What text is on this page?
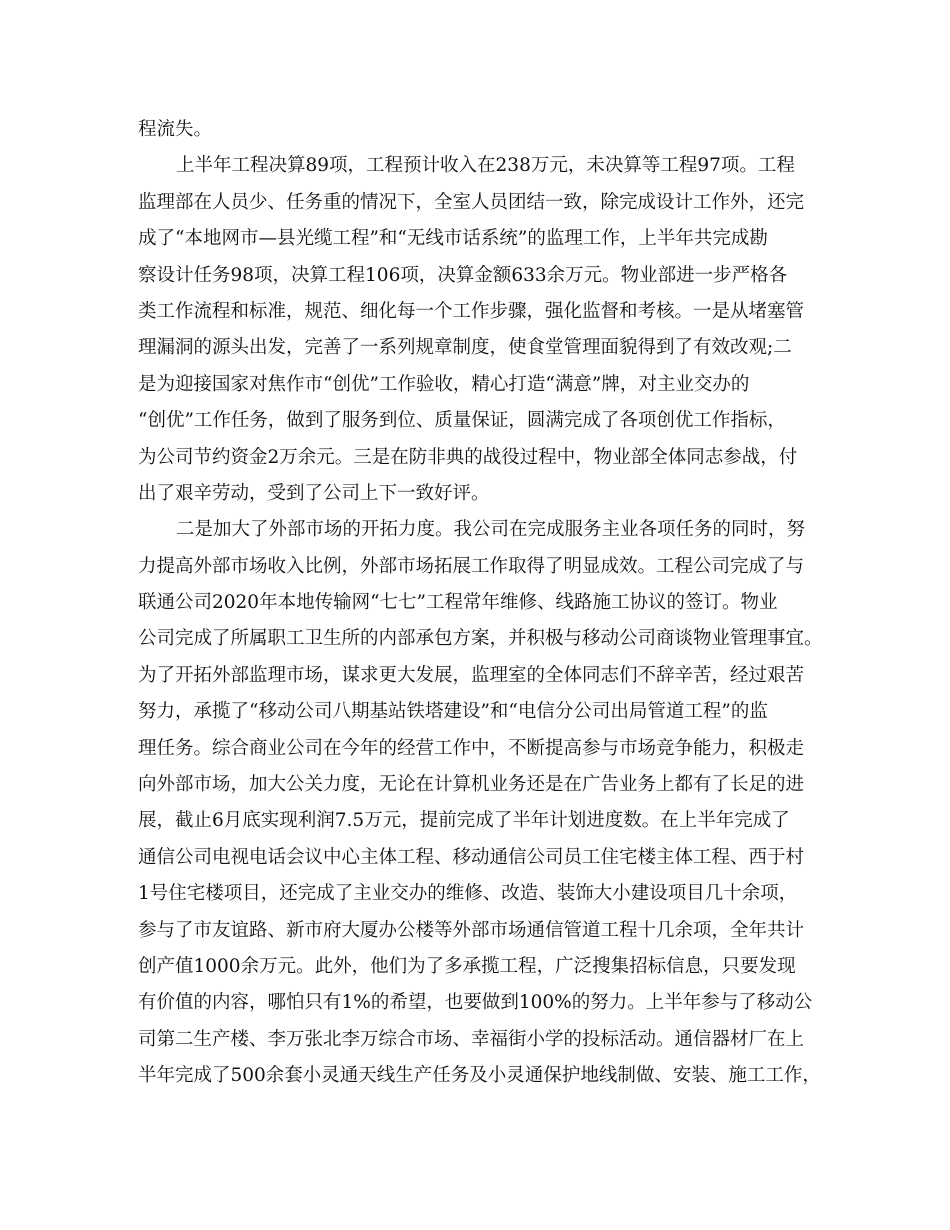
程流失。
上半年工程决算89项，工程预计收入在238万元，未决算等工程97项。工程
监理部在人员少、任务重的情况下，全室人员团结一致，除完成设计工作外，还完
成了“本地网市—县光缆工程”和“无线市话系统”的监理工作，上半年共完成勘
察设计任务98项，决算工程106项，决算金额633余万元。物业部进一步严格各
类工作流程和标准，规范、细化每一个工作步骤，强化监督和考核。一是从堵塞管
理漏洞的源头出发，完善了一系列规章制度，使食堂管理面貌得到了有效改观;二
是为迎接国家对焦作市“创优”工作验收，精心打造“满意”牌，对主业交办的
“创优”工作任务，做到了服务到位、质量保证，圆满完成了各项创优工作指标，
为公司节约资金2万余元。三是在防非典的战役过程中，物业部全体同志参战，付
出了艰辛劳动，受到了公司上下一致好评。
二是加大了外部市场的开拓力度。我公司在完成服务主业各项任务的同时，努
力提高外部市场收入比例，外部市场拓展工作取得了明显成效。工程公司完成了与
联通公司2020年本地传输网“七七”工程常年维修、线路施工协议的签订。物业
公司完成了所属职工卫生所的内部承包方案，并积极与移动公司商谈物业管理事宜。
为了开拓外部监理市场，谋求更大发展，监理室的全体同志们不辞辛苦，经过艰苦
努力，承揽了“移动公司八期基站铁塔建设”和“电信分公司出局管道工程”的监
理任务。综合商业公司在今年的经营工作中，不断提高参与市场竞争能力，积极走
向外部市场，加大公关力度，无论在计算机业务还是在广告业务上都有了长足的进
展，截止6月底实现利润7.5万元，提前完成了半年计划进度数。在上半年完成了
通信公司电视电话会议中心主体工程、移动通信公司员工住宅楼主体工程、西于村
1号住宅楼项目，还完成了主业交办的维修、改造、装饰大小建设项目几十余项，
参与了市友谊路、新市府大厦办公楼等外部市场通信管道工程十几余项，全年共计
创产值1000余万元。此外，他们为了多承揽工程，广泛搜集招标信息，只要发现
有价值的内容，哪怕只有1%的希望，也要做到100%的努力。上半年参与了移动公
司第二生产楼、李万张北李万综合市场、幸福街小学的投标活动。通信器材厂在上
半年完成了500余套小灵通天线生产任务及小灵通保护地线制做、安装、施工工作，
